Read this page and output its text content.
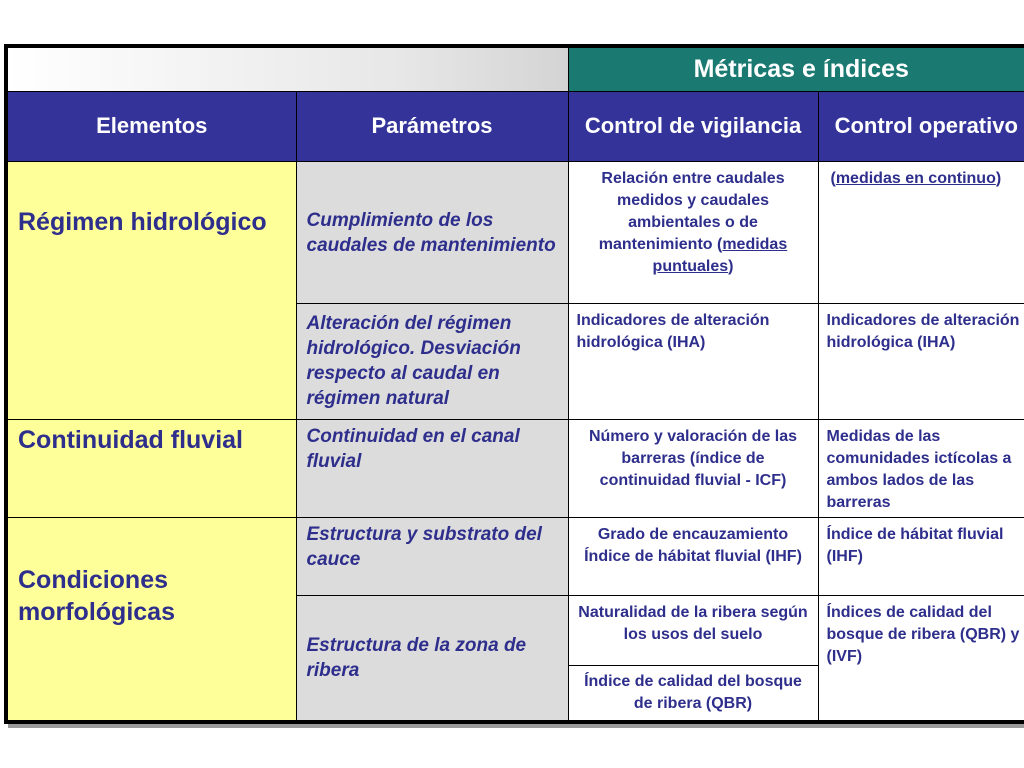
		Métricas e índices	
Elementos	Parámetros	Control de vigilancia	Control operativo
Régimen hidrológico	Cumplimiento de los caudales de mantenimiento	Relación entre caudales medidos y caudales ambientales o de mantenimiento (medidas puntuales)	(medidas en continuo)
	Alteración del régimen hidrológico. Desviación respecto al caudal en régimen natural	Indicadores de alteración hidrológica (IHA)	Indicadores de alteración hidrológica (IHA)
Continuidad fluvial	Continuidad en el canal fluvial	Número y valoración de las barreras (índice de continuidad fluvial - ICF)	Medidas de las comunidades ictícolas a ambos lados de las barreras
Condiciones morfológicas	Estructura y substrato del cauce	Grado de encauzamiento Índice de hábitat fluvial (IHF)	Índice de hábitat fluvial (IHF)
	Estructura de la zona de ribera	Naturalidad de la ribera según los usos del suelo	Índices de calidad del bosque de ribera (QBR) y (IVF)
		Índice de calidad del bosque de ribera (QBR)	
